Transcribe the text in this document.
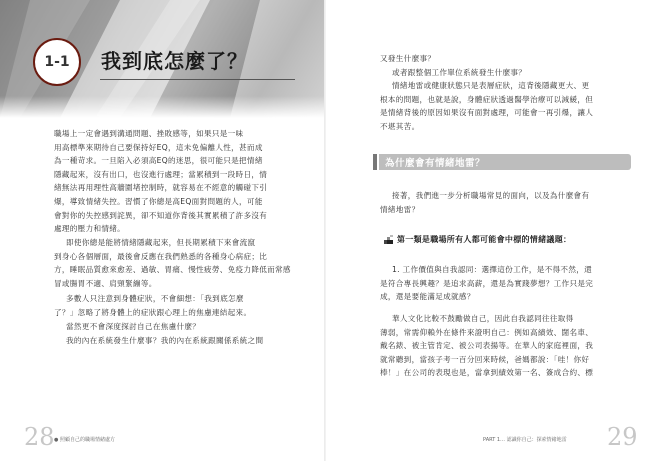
1-1 我到底怎麼了？
職場上一定會遇到溝通問題、挫敗感等，如果只是一味
用高標準來期待自己要保持好EQ，這未免偏離人性，甚而成
為一種苛求。一旦陷入必須高EQ的迷思，很可能只是把情緒
隱藏起來，沒有出口，也沒進行處理；當累積到一段時日，情
緒無法再用理性高牆圍堵控制時，就容易在不經意的觸碰下引
爆，導致情緒失控。習慣了你總是高EQ面對問題的人，可能
會對你的失控感到詫異，卻不知道你背後其實累積了許多沒有
處理的壓力和情緒。
即使你總是能將情緒隱藏起來，但長期累積下來會流竄
到身心各個層面，最後會反應在我們熟悉的各種身心病症；比
方，睡眠品質愈來愈差、過敏、胃痛、慢性疲勞、免疫力降低而常感
冒或腸胃不適、肩頸緊繃等。
多數人只注意到身體症狀，不會細想：「我到底怎麼
了？」忽略了將身體上的症狀跟心理上的焦慮連結起來。
當然更不會深度探討自己在焦慮什麼？
我的內在系統發生什麼事？我的內在系統跟關係系統之間
28 ● 照顧自己的職場情緒處方
又發生什麼事？
或者跟整個工作單位系統發生什麼事？
情緒地雷或健康狀態只是表層症狀，這背後隱藏更大、更
根本的問題，也就是說，身體症狀透過醫學治療可以減緩，但
是情緒背後的原因如果沒有面對處理，可能會一再引爆，讓人
不堪其苦。
為什麼會有情緒地雷？
接著，我們進一步分析職場常見的面向，以及為什麼會有
情緒地雷？
第一類是職場所有人都可能會中標的情緒議題：
1. 工作價值與自我認同：選擇這份工作，是不得不然，還
是符合專長興趣？是追求高薪，還是為實踐夢想？工作只是完
成，還是要能滿足成就感？
華人文化比較不鼓勵做自己，因此自我認同往往取得
薄弱，常需仰賴外在條件來證明自己：例如高績效、闊名車、
戴名錶、被主管肯定、被公司表揚等。在華人的家庭裡面，我
就常聽到，當孩子考一百分回來時候，爸媽都說：「哇！你好
棒！」在公司的表現也是，當拿到績效第一名、簽成合約、標
PART 1… 認識你自己：探索情緒地雷 29
